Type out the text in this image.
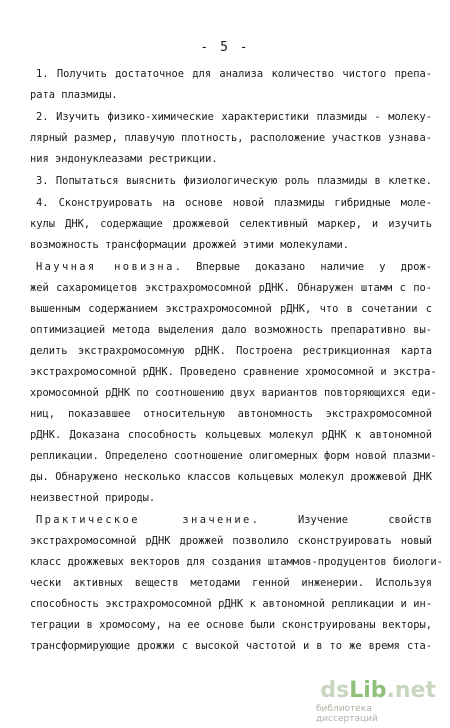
- 5 -
1. Получить достаточное для анализа количество чистого препа-
рата плазмиды.
2. Изучить физико-химические характеристики плазмиды - молеку-
лярный размер, плавучую плотность, расположение участков узнава-
ния эндонуклеазами рестрикции.
3. Попытаться выяснить физиологическую роль плазмиды в клетке.
4. Сконструировать на основе новой плазмиды гибридные моле-
кулы ДНК, содержащие дрожжевой селективный маркер, и изучить
возможность трансформации дрожжей этими молекулами.
Научная новизна. Впервые доказано наличие у дрож-
жей сахаромицетов экстрахромосомной рДНК. Обнаружен штамм с по-
вышенным содержанием экстрахромосомной рДНК, что в сочетании с
оптимизацией метода выделения дало возможность препаративно вы-
делить экстрахромосомную рДНК. Построена рестрикционная карта
экстрахромосомной рДНК. Проведено сравнение хромосомной и экстра-
хромосомной рДНК по соотношению двух вариантов повторяющихся еди-
ниц, показавшее относительную автономность экстрахромосомной
рДНК. Доказана способность кольцевых молекул рДНК к автономной
репликации. Определено соотношение олигомерных форм новой плазми-
ды. Обнаружено несколько классов кольцевых молекул дрожжевой ДНК
неизвестной природы.
Практическое значение. Изучение свойств
экстрахромосомной рДНК дрожжей позволило сконструировать новый
класс дрожжевых векторов для создания штаммов-продуцентов биологи-
чески активных веществ методами генной инженерии. Используя
способность экстрахромосомной рДНК к автономной репликации и ин-
теграции в хромосому, на ее основе были сконструированы векторы,
трансформирующие дрожжи с высокой частотой и в то же время ста-
dsLib.net
библиотека диссертаций
